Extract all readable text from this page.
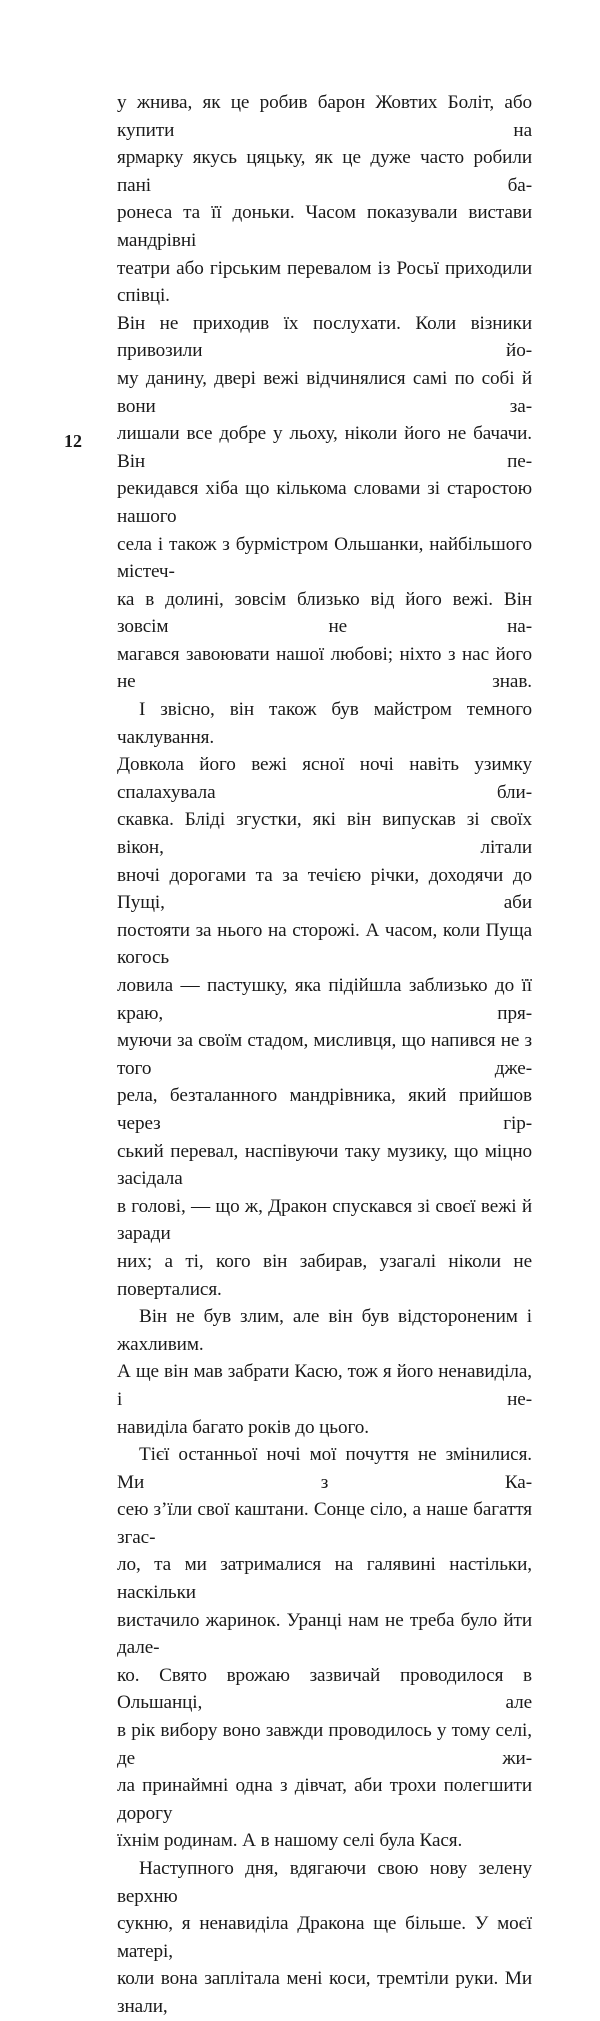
12

у жнива, як це робив барон Жовтих Боліт, або купити на

ярмарку якусь цяцьку, як це дуже часто робили пані ба-

ронеса та її доньки. Часом показували вистави мандрівні

театри або гірським перевалом із Росьї приходили співці.

Він не приходив їх послухати. Коли візники привозили йо-

му данину, двері вежі відчинялися самі по собі й вони за-

лишали все добре у льоху, ніколи його не бачачи. Він пе-

рекидався хіба що кількома словами зі старостою нашого

села і також з бурмістром Ольшанки, найбільшого містеч-

ка в долині, зовсім близько від його вежі. Він зовсім не на-

магався завоювати нашої любові; ніхто з нас його не знав.

І звісно, він також був майстром темного чаклування.

Довкола його вежі ясної ночі навіть узимку спалахувала бли-

скавка. Бліді згустки, які він випускав зі своїх вікон, літали

вночі дорогами та за течією річки, доходячи до Пущі, аби

постояти за нього на сторожі. А часом, коли Пуща когось

ловила — пастушку, яка підійшла заблизько до її краю, пря-

муючи за своїм стадом, мисливця, що напився не з того дже-

рела, безталанного мандрівника, який прийшов через гір-

ський перевал, наспівуючи таку музику, що міцно засідала

в голові, — що ж, Дракон спускався зі своєї вежі й заради

них; а ті, кого він забирав, узагалі ніколи не поверталися.

Він не був злим, але він був відстороненим і жахливим.

А ще він мав забрати Касю, тож я його ненавиділа, і не-

навиділа багато років до цього.

Тієї останньої ночі мої почуття не змінилися. Ми з Ка-

сею з’їли свої каштани. Сонце сіло, а наше багаття згас-

ло, та ми затрималися на галявині настільки, наскільки

вистачило жаринок. Уранці нам не треба було йти дале-

ко. Свято врожаю зазвичай проводилося в Ольшанці, але

в рік вибору воно завжди проводилось у тому селі, де жи-

ла принаймні одна з дівчат, аби трохи полегшити дорогу

їхнім родинам. А в нашому селі була Кася.

Наступного дня, вдягаючи свою нову зелену верхню

сукню, я ненавиділа Дракона ще більше. У моєї матері,

коли вона заплітала мені коси, тремтіли руки. Ми знали,
